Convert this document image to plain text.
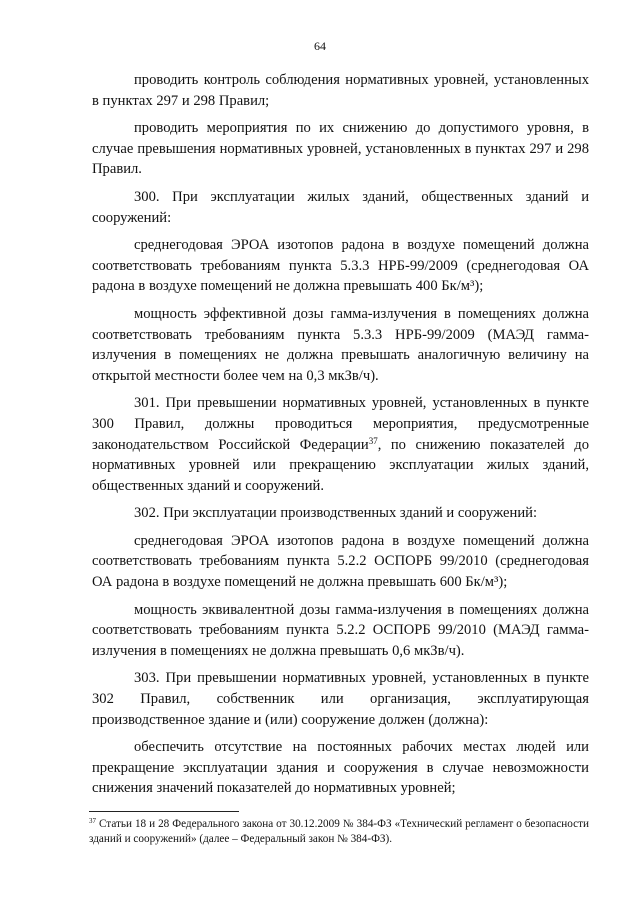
64

проводить контроль соблюдения нормативных уровней, установленных в пунктах 297 и 298 Правил;

проводить мероприятия по их снижению до допустимого уровня, в случае превышения нормативных уровней, установленных в пунктах 297 и 298 Правил.

300. При эксплуатации жилых зданий, общественных зданий и сооружений:

среднегодовая ЭРОА изотопов радона в воздухе помещений должна соответствовать требованиям пункта 5.3.3 НРБ-99/2009 (среднегодовая ОА радона в воздухе помещений не должна превышать 400 Бк/м³);

мощность эффективной дозы гамма-излучения в помещениях должна соответствовать требованиям пункта 5.3.3 НРБ-99/2009 (МАЭД гамма-излучения в помещениях не должна превышать аналогичную величину на открытой местности более чем на 0,3 мкЗв/ч).

301. При превышении нормативных уровней, установленных в пункте 300 Правил, должны проводиться мероприятия, предусмотренные законодательством Российской Федерации$^{37}$, по снижению показателей до нормативных уровней или прекращению эксплуатации жилых зданий, общественных зданий и сооружений.

302. При эксплуатации производственных зданий и сооружений:

среднегодовая ЭРОА изотопов радона в воздухе помещений должна соответствовать требованиям пункта 5.2.2 ОСПОРБ 99/2010 (среднегодовая ОА радона в воздухе помещений не должна превышать 600 Бк/м³);

мощность эквивалентной дозы гамма-излучения в помещениях должна соответствовать требованиям пункта 5.2.2 ОСПОРБ 99/2010 (МАЭД гамма-излучения в помещениях не должна превышать 0,6 мкЗв/ч).

303. При превышении нормативных уровней, установленных в пункте 302 Правил, собственник или организация, эксплуатирующая производственное здание и (или) сооружение должен (должна):

обеспечить отсутствие на постоянных рабочих местах людей или прекращение эксплуатации здания и сооружения в случае невозможности снижения значений показателей до нормативных уровней;

$^{37}$ Статьи 18 и 28 Федерального закона от 30.12.2009 № 384-ФЗ «Технический регламент о безопасности зданий и сооружений» (далее – Федеральный закон № 384-ФЗ).
